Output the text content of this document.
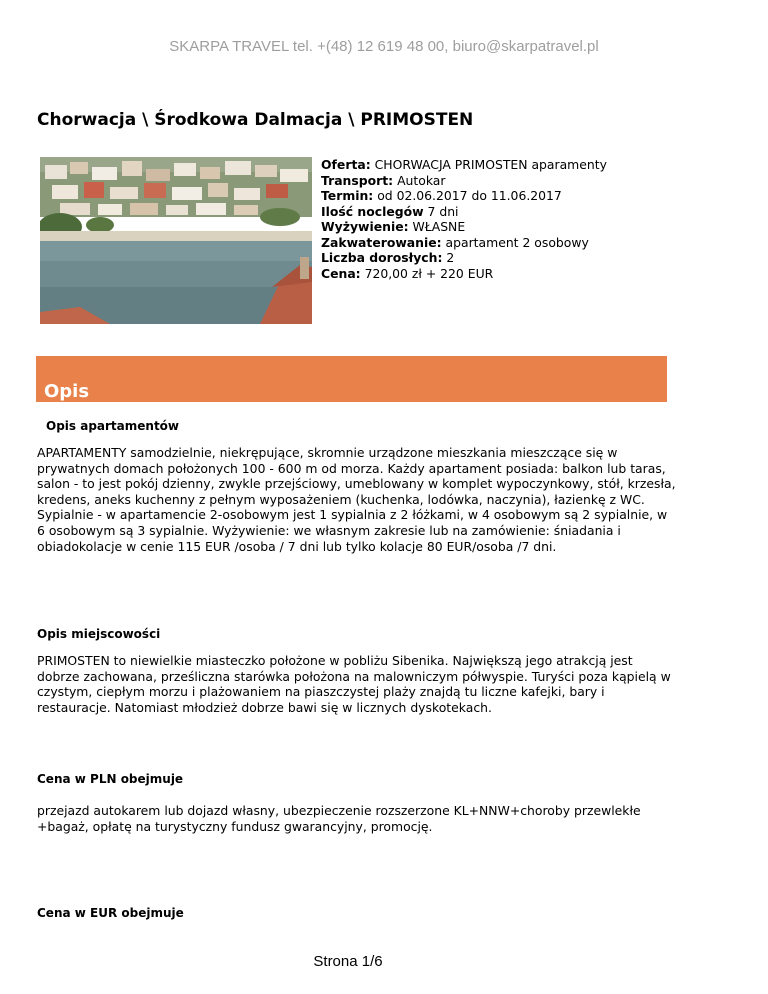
SKARPA TRAVEL tel. +(48) 12 619 48 00, biuro@skarpatravel.pl
Chorwacja \ Środkowa Dalmacja \ PRIMOSTEN
Oferta: CHORWACJA PRIMOSTEN aparamenty
Transport: Autokar
Termin: od 02.06.2017 do 11.06.2017
Ilość noclegów 7 dni
Wyżywienie: WŁASNE
Zakwaterowanie: apartament 2 osobowy
Liczba dorosłych: 2
Cena: 720,00 zł + 220 EUR
Opis
Opis apartamentów
APARTAMENTY samodzielnie, niekrępujące, skromnie urządzone mieszkania mieszczące się w prywatnych domach położonych 100 - 600 m od morza. Każdy apartament posiada: balkon lub taras, salon - to jest pokój dzienny, zwykle przejściowy, umeblowany w komplet wypoczynkowy, stół, krzesła, kredens, aneks kuchenny z pełnym wyposażeniem (kuchenka, lodówka, naczynia), łazienkę z WC. Sypialnie - w apartamencie 2-osobowym jest 1 sypialnia z 2 łóżkami, w 4 osobowym są 2 sypialnie, w 6 osobowym są 3 sypialnie. Wyżywienie: we własnym zakresie lub na zamówienie: śniadania i obiadokolacje w cenie 115 EUR /osoba / 7 dni lub tylko kolacje 80 EUR/osoba /7 dni.
Opis miejscowości
PRIMOSTEN to niewielkie miasteczko położone w pobliżu Sibenika. Największą jego atrakcją jest dobrze zachowana, prześliczna starówka położona na malowniczym półwyspie. Turyści poza kąpielą w czystym, ciepłym morzu i plażowaniem na piaszczystej plaży znajdą tu liczne kafejki, bary i restauracje. Natomiast młodzież dobrze bawi się w licznych dyskotekach.
Cena w PLN obejmuje
przejazd autokarem lub dojazd własny, ubezpieczenie rozszerzone KL+NNW+choroby przewlekłe +bagaż, opłatę na turystyczny fundusz gwarancyjny, promocję.
Cena w EUR obejmuje
Strona 1/6
